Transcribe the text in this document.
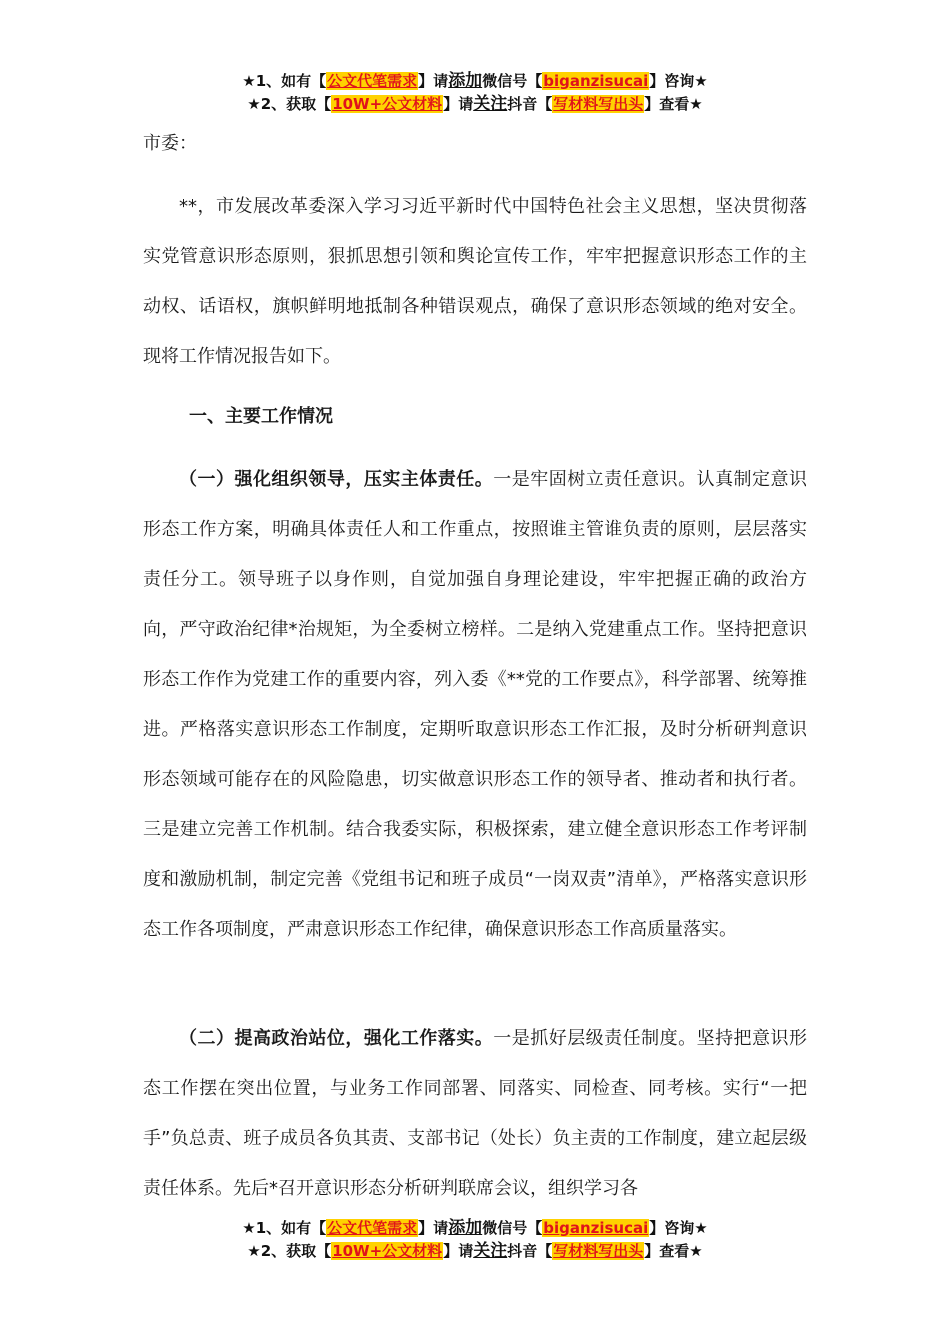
★1、如有【公文代笔需求】请添加微信号【biganzisucai】咨询★
★2、获取【10W+公文材料】请关注抖音【写材料写出头】查看★
市委：

**，市发展改革委深入学习习近平新时代中国特色社会主义思想，坚决贯彻落实党管意识形态原则，狠抓思想引领和舆论宣传工作，牢牢把握意识形态工作的主动权、话语权，旗帜鲜明地抵制各种错误观点，确保了意识形态领域的绝对安全。现将工作情况报告如下。

一、主要工作情况

（一）强化组织领导，压实主体责任。一是牢固树立责任意识。认真制定意识形态工作方案，明确具体责任人和工作重点，按照谁主管谁负责的原则，层层落实责任分工。领导班子以身作则，自觉加强自身理论建设，牢牢把握正确的政治方向，严守政治纪律*治规矩，为全委树立榜样。二是纳入党建重点工作。坚持把意识形态工作作为党建工作的重要内容，列入委《**党的工作要点》，科学部署、统筹推进。严格落实意识形态工作制度，定期听取意识形态工作汇报，及时分析研判意识形态领域可能存在的风险隐患，切实做意识形态工作的领导者、推动者和执行者。三是建立完善工作机制。结合我委实际，积极探索，建立健全意识形态工作考评制度和激励机制，制定完善《党组书记和班子成员“一岗双责”清单》，严格落实意识形态工作各项制度，严肃意识形态工作纪律，确保意识形态工作高质量落实。

（二）提高政治站位，强化工作落实。一是抓好层级责任制度。坚持把意识形态工作摆在突出位置，与业务工作同部署、同落实、同检查、同考核。实行“一把手”负总责、班子成员各负其责、支部书记（处长）负主责的工作制度，建立起层级责任体系。先后*召开意识形态分析研判联席会议，组织学习各

★1、如有【公文代笔需求】请添加微信号【biganzisucai】咨询★
★2、获取【10W+公文材料】请关注抖音【写材料写出头】查看★
